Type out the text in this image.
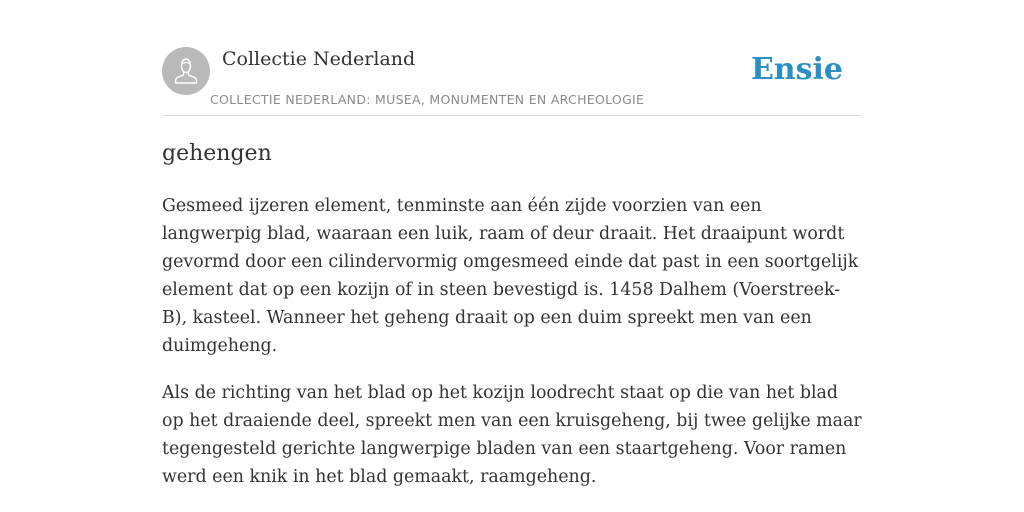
Collectie Nederland
COLLECTIE NEDERLAND: MUSEA, MONUMENTEN EN ARCHEOLOGIE
Ensie
gehengen

Gesmeed ijzeren element, tenminste aan één zijde voorzien van een langwerpig blad, waaraan een luik, raam of deur draait. Het draaipunt wordt gevormd door een cilindervormig omgesmeed einde dat past in een soortgelijk element dat op een kozijn of in steen bevestigd is. 1458 Dalhem (Voerstreek-B), kasteel. Wanneer het geheng draait op een duim spreekt men van een duimgeheng.

Als de richting van het blad op het kozijn loodrecht staat op die van het blad op het draaiende deel, spreekt men van een kruisgeheng, bij twee gelijke maar tegengesteld gerichte langwerpige bladen van een staartgeheng. Voor ramen werd een knik in het blad gemaakt, raamgeheng.
